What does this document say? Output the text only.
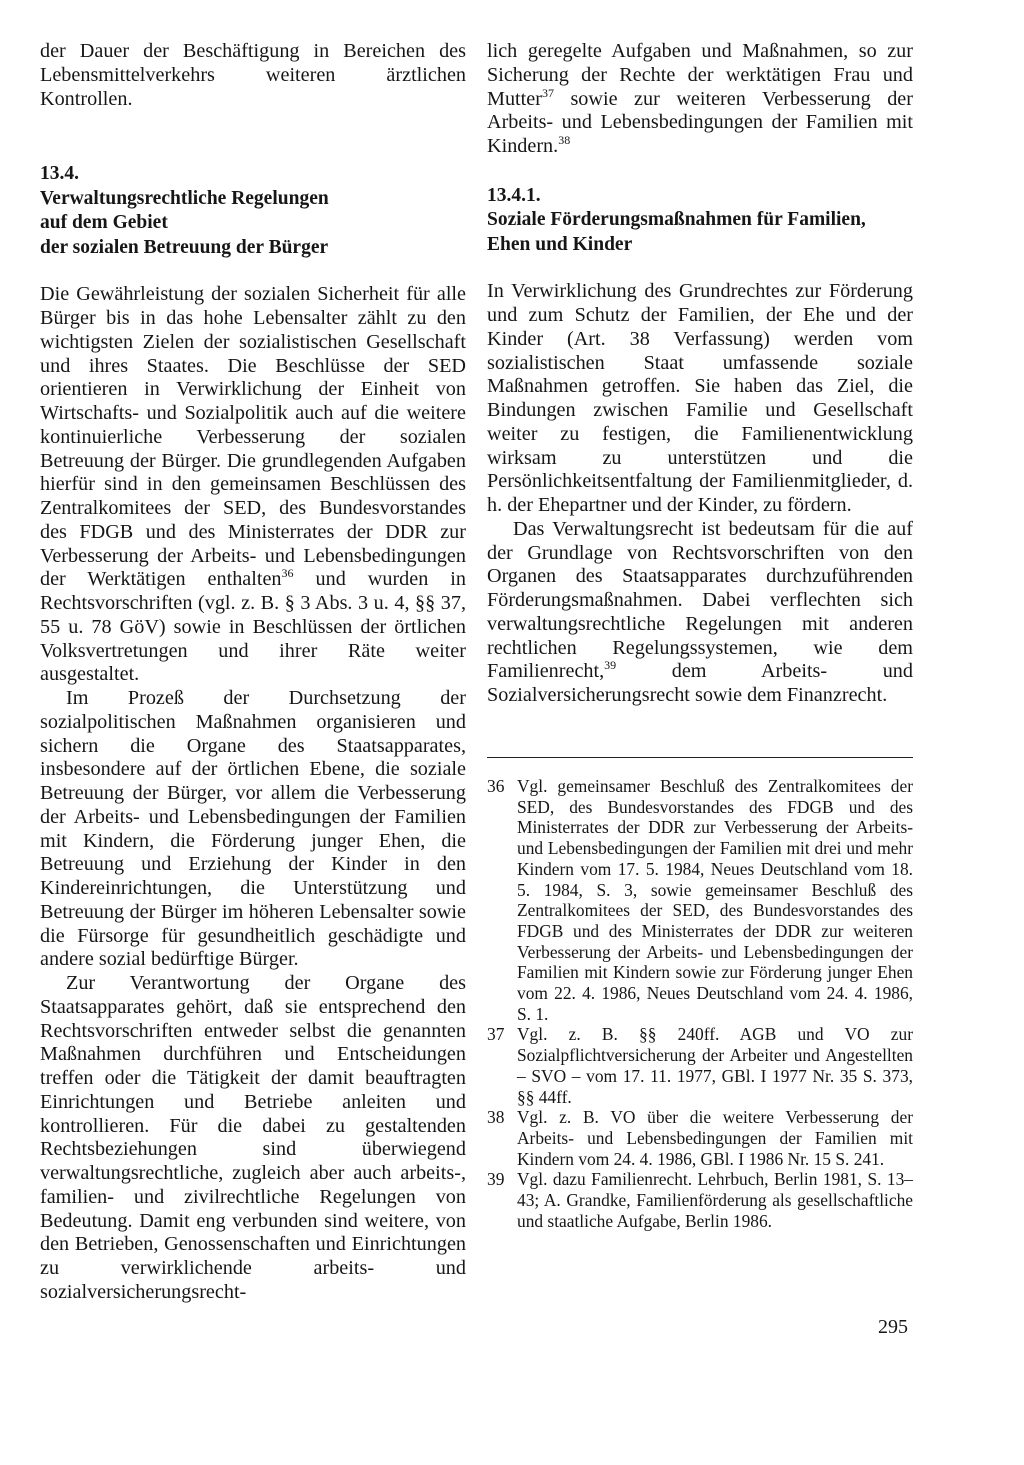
der Dauer der Beschäftigung in Bereichen des Lebensmittelverkehrs weiteren ärztlichen Kontrollen.

13.4.

Verwaltungsrechtliche Regelungen

auf dem Gebiet

der sozialen Betreuung der Bürger

Die Gewährleistung der sozialen Sicherheit für alle Bürger bis in das hohe Lebensalter zählt zu den wichtigsten Zielen der sozialistischen Gesellschaft und ihres Staates. Die Beschlüsse der SED orientieren in Verwirklichung der Einheit von Wirtschafts- und Sozialpolitik auch auf die weitere kontinuierliche Verbesserung der sozialen Betreuung der Bürger. Die grundlegenden Aufgaben hierfür sind in den gemeinsamen Beschlüssen des Zentralkomitees der SED, des Bundesvorstandes des FDGB und des Ministerrates der DDR zur Verbesserung der Arbeits- und Lebensbedingungen der Werktätigen enthalten$^{36}$ und wurden in Rechtsvorschriften (vgl. z. B. § 3 Abs. 3 u. 4, §§ 37, 55 u. 78 GöV) sowie in Beschlüssen der örtlichen Volksvertretungen und ihrer Räte weiter ausgestaltet.

Im Prozeß der Durchsetzung der sozialpolitischen Maßnahmen organisieren und sichern die Organe des Staatsapparates, insbesondere auf der örtlichen Ebene, die soziale Betreuung der Bürger, vor allem die Verbesserung der Arbeits- und Lebensbedingungen der Familien mit Kindern, die Förderung junger Ehen, die Betreuung und Erziehung der Kinder in den Kindereinrichtungen, die Unterstützung und Betreuung der Bürger im höheren Lebensalter sowie die Fürsorge für gesundheitlich geschädigte und andere sozial bedürftige Bürger.

Zur Verantwortung der Organe des Staatsapparates gehört, daß sie entsprechend den Rechtsvorschriften entweder selbst die genannten Maßnahmen durchführen und Entscheidungen treffen oder die Tätigkeit der damit beauftragten Einrichtungen und Betriebe anleiten und kontrollieren. Für die dabei zu gestaltenden Rechtsbeziehungen sind überwiegend verwaltungsrechtliche, zugleich aber auch arbeits-, familien- und zivilrechtliche Regelungen von Bedeutung. Damit eng verbunden sind weitere, von den Betrieben, Genossenschaften und Einrichtungen zu verwirklichende arbeits- und sozialversicherungsrecht-

lich geregelte Aufgaben und Maßnahmen, so zur Sicherung der Rechte der werktätigen Frau und Mutter$^{37}$ sowie zur weiteren Verbesserung der Arbeits- und Lebensbedingungen der Familien mit Kindern.$^{38}$

13.4.1.

Soziale Förderungsmaßnahmen für Familien,

Ehen und Kinder

In Verwirklichung des Grundrechtes zur Förderung und zum Schutz der Familien, der Ehe und der Kinder (Art. 38 Verfassung) werden vom sozialistischen Staat umfassende soziale Maßnahmen getroffen. Sie haben das Ziel, die Bindungen zwischen Familie und Gesellschaft weiter zu festigen, die Familienentwicklung wirksam zu unterstützen und die Persönlichkeitsentfaltung der Familienmitglieder, d. h. der Ehepartner und der Kinder, zu fördern.

Das Verwaltungsrecht ist bedeutsam für die auf der Grundlage von Rechtsvorschriften von den Organen des Staatsapparates durchzuführenden Förderungsmaßnahmen. Dabei verflechten sich verwaltungsrechtliche Regelungen mit anderen rechtlichen Regelungssystemen, wie dem Familienrecht,$^{39}$ dem Arbeits- und Sozialversicherungsrecht sowie dem Finanzrecht.

36 Vgl. gemeinsamer Beschluß des Zentralkomitees der SED, des Bundesvorstandes des FDGB und des Ministerrates der DDR zur Verbesserung der Arbeits- und Lebensbedingungen der Familien mit drei und mehr Kindern vom 17. 5. 1984, Neues Deutschland vom 18. 5. 1984, S. 3, sowie gemeinsamer Beschluß des Zentralkomitees der SED, des Bundesvorstandes des FDGB und des Ministerrates der DDR zur weiteren Verbesserung der Arbeits- und Lebensbedingungen der Familien mit Kindern sowie zur Förderung junger Ehen vom 22. 4. 1986, Neues Deutschland vom 24. 4. 1986, S. 1.
37 Vgl. z. B. §§ 240ff. AGB und VO zur Sozialpflichtversicherung der Arbeiter und Angestellten – SVO – vom 17. 11. 1977, GBl. I 1977 Nr. 35 S. 373, §§ 44ff.
38 Vgl. z. B. VO über die weitere Verbesserung der Arbeits- und Lebensbedingungen der Familien mit Kindern vom 24. 4. 1986, GBl. I 1986 Nr. 15 S. 241.
39 Vgl. dazu Familienrecht. Lehrbuch, Berlin 1981, S. 13–43; A. Grandke, Familienförderung als gesellschaftliche und staatliche Aufgabe, Berlin 1986.
295
